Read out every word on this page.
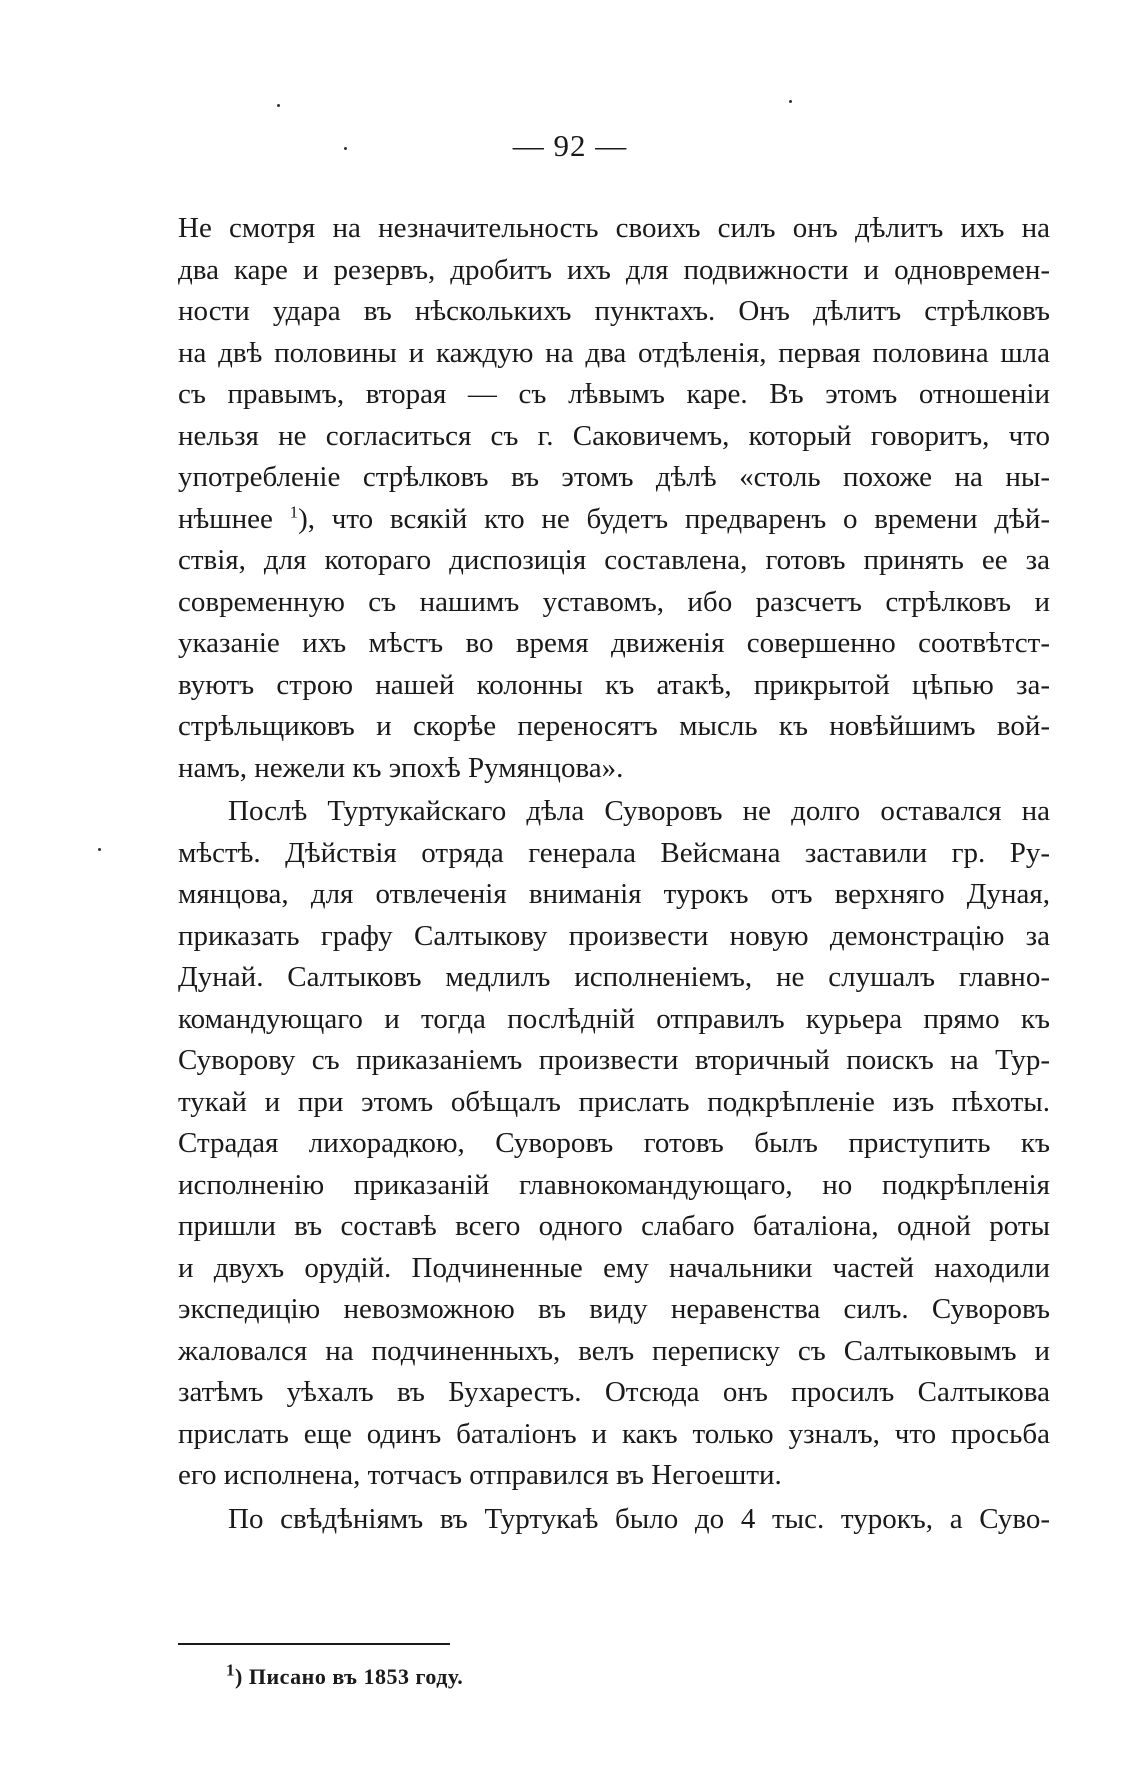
— 92 —

Не смотря на незначительность своихъ силъ онъ дѣлитъ ихъ на
два каре и резервъ, дробитъ ихъ для подвижности и одновремен-
ности удара въ нѣсколькихъ пунктахъ. Онъ дѣлитъ стрѣлковъ
на двѣ половины и каждую на два отдѣленія, первая половина шла
съ правымъ, вторая — съ лѣвымъ каре. Въ этомъ отношеніи
нельзя не согласиться съ г. Саковичемъ, который говоритъ, что
употребленіе стрѣлковъ въ этомъ дѣлѣ «столь похоже на ны-
нѣшнее $^1$), что всякій кто не будетъ предваренъ о времени дѣй-
ствія, для котораго диспозиція составлена, готовъ принять ее за
современную съ нашимъ уставомъ, ибо разсчетъ стрѣлковъ и
указаніе ихъ мѣстъ во время движенія совершенно соотвѣтст-
вуютъ строю нашей колонны къ атакѣ, прикрытой цѣпью за-
стрѣльщиковъ и скорѣе переносятъ мысль къ новѣйшимъ вой-
намъ, нежели къ эпохѣ Румянцова».

Послѣ Туртукайскаго дѣла Суворовъ не долго оставался на
мѣстѣ. Дѣйствія отряда генерала Вейсмана заставили гр. Ру-
мянцова, для отвлеченія вниманія турокъ отъ верхняго Дуная,
приказать графу Салтыкову произвести новую демонстрацію за
Дунай. Салтыковъ медлилъ исполненіемъ, не слушалъ главно-
командующаго и тогда послѣдній отправилъ курьера прямо къ
Суворову съ приказаніемъ произвести вторичный поискъ на Тур-
тукай и при этомъ обѣщалъ прислать подкрѣпленіе изъ пѣхоты.
Страдая лихорадкою, Суворовъ готовъ былъ приступить къ
исполненію приказаній главнокомандующаго, но подкрѣпленія
пришли въ составѣ всего одного слабаго баталіона, одной роты
и двухъ орудій. Подчиненные ему начальники частей находили
экспедицію невозможною въ виду неравенства силъ. Суворовъ
жаловался на подчиненныхъ, велъ переписку съ Салтыковымъ и
затѣмъ уѣхалъ въ Бухарестъ. Отсюда онъ просилъ Салтыкова
прислать еще одинъ баталіонъ и какъ только узналъ, что просьба
его исполнена, тотчасъ отправился въ Негоешти.

По свѣдѣніямъ въ Туртукаѣ было до 4 тыс. турокъ, а Суво-

$^1$) Писано въ 1853 году.
